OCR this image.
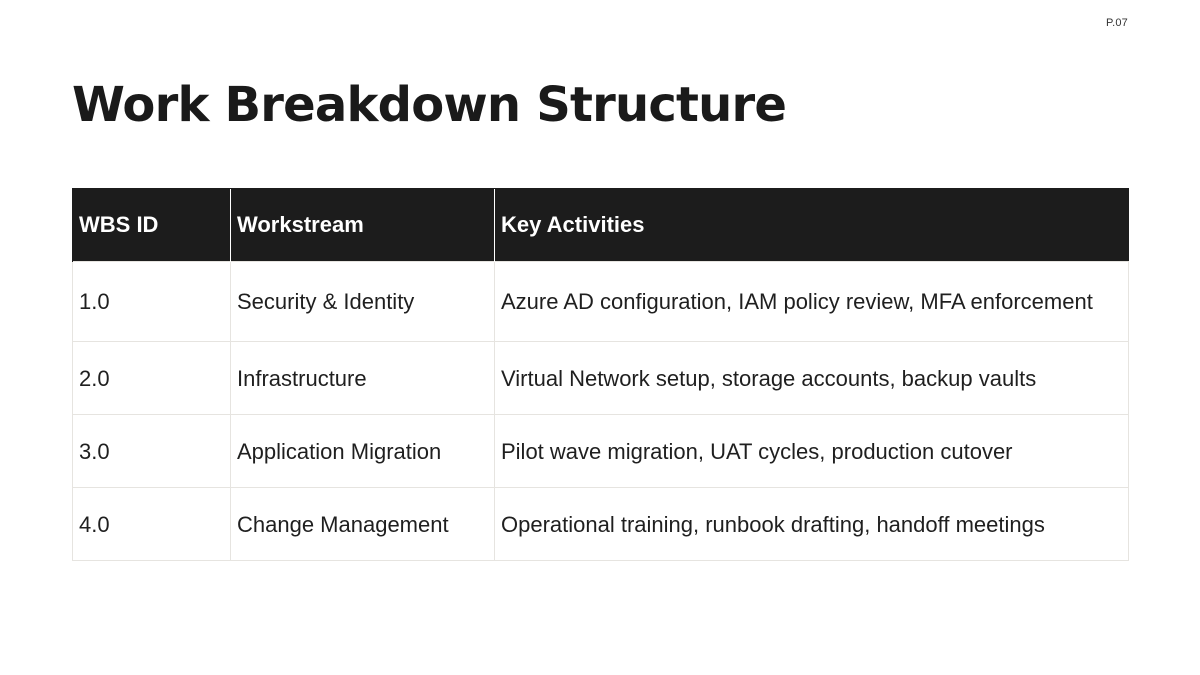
P.07
Work Breakdown Structure
WBS ID	Workstream	Key Activities
1.0	Security & Identity	Azure AD configuration, IAM policy review, MFA enforcement
2.0	Infrastructure	Virtual Network setup, storage accounts, backup vaults
3.0	Application Migration	Pilot wave migration, UAT cycles, production cutover
4.0	Change Management	Operational training, runbook drafting, handoff meetings
